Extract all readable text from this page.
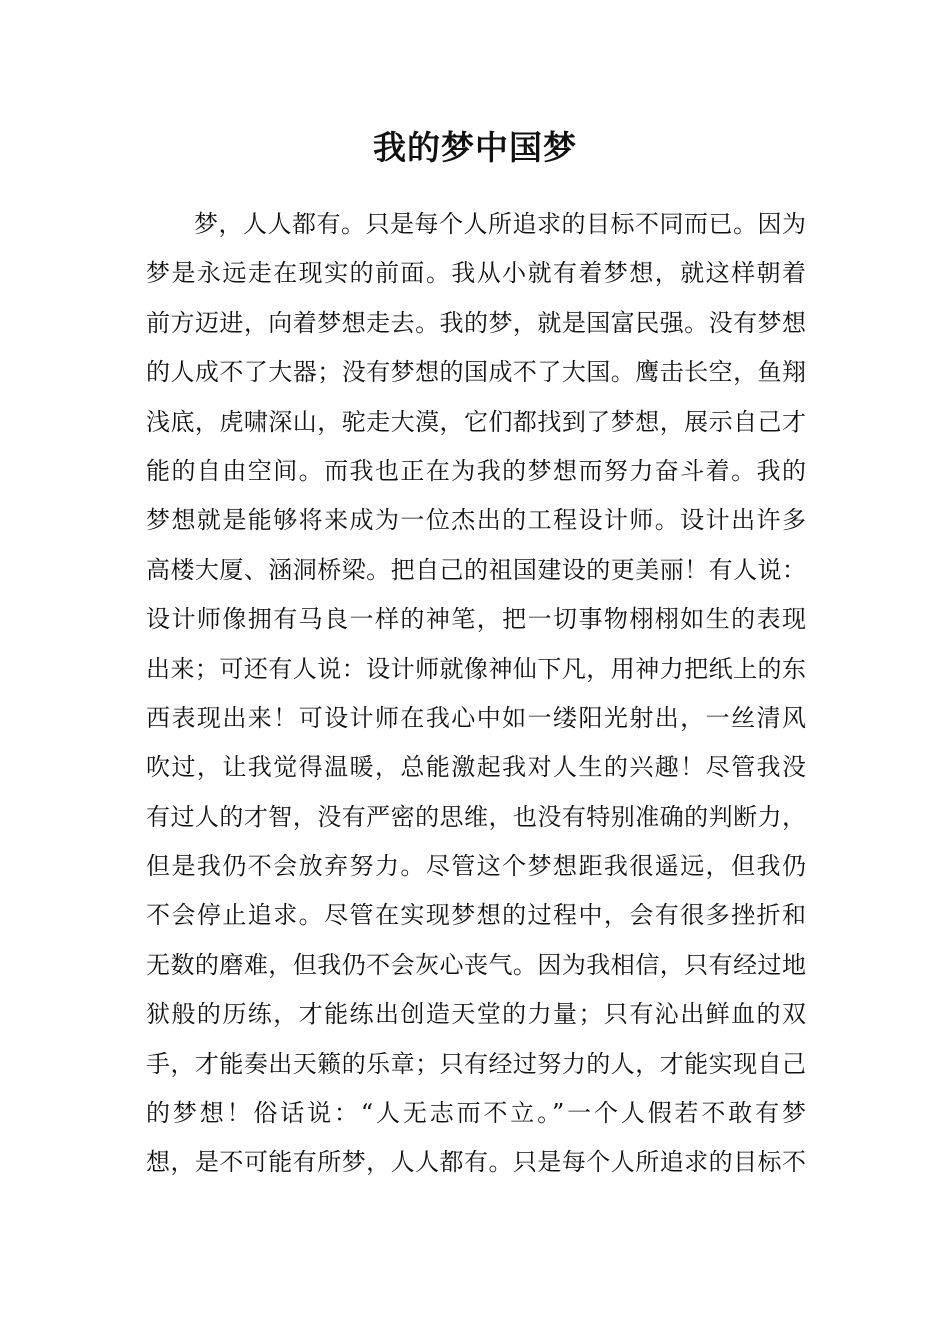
我的梦中国梦
梦，人人都有。只是每个人所追求的目标不同而已。因为
梦是永远走在现实的前面。我从小就有着梦想，就这样朝着
前方迈进，向着梦想走去。我的梦，就是国富民强。没有梦想
的人成不了大器；没有梦想的国成不了大国。鹰击长空，鱼翔
浅底，虎啸深山，驼走大漠，它们都找到了梦想，展示自己才
能的自由空间。而我也正在为我的梦想而努力奋斗着。我的
梦想就是能够将来成为一位杰出的工程设计师。设计出许多
高楼大厦、涵洞桥梁。把自己的祖国建设的更美丽！有人说：
设计师像拥有马良一样的神笔，把一切事物栩栩如生的表现
出来；可还有人说：设计师就像神仙下凡，用神力把纸上的东
西表现出来！可设计师在我心中如一缕阳光射出，一丝清风
吹过，让我觉得温暖，总能激起我对人生的兴趣！尽管我没
有过人的才智，没有严密的思维，也没有特别准确的判断力，
但是我仍不会放弃努力。尽管这个梦想距我很遥远，但我仍
不会停止追求。尽管在实现梦想的过程中，会有很多挫折和
无数的磨难，但我仍不会灰心丧气。因为我相信，只有经过地
狱般的历练，才能练出创造天堂的力量；只有沁出鲜血的双
手，才能奏出天籁的乐章；只有经过努力的人，才能实现自己
的梦想！俗话说：“人无志而不立。”一个人假若不敢有梦
想，是不可能有所梦，人人都有。只是每个人所追求的目标不
